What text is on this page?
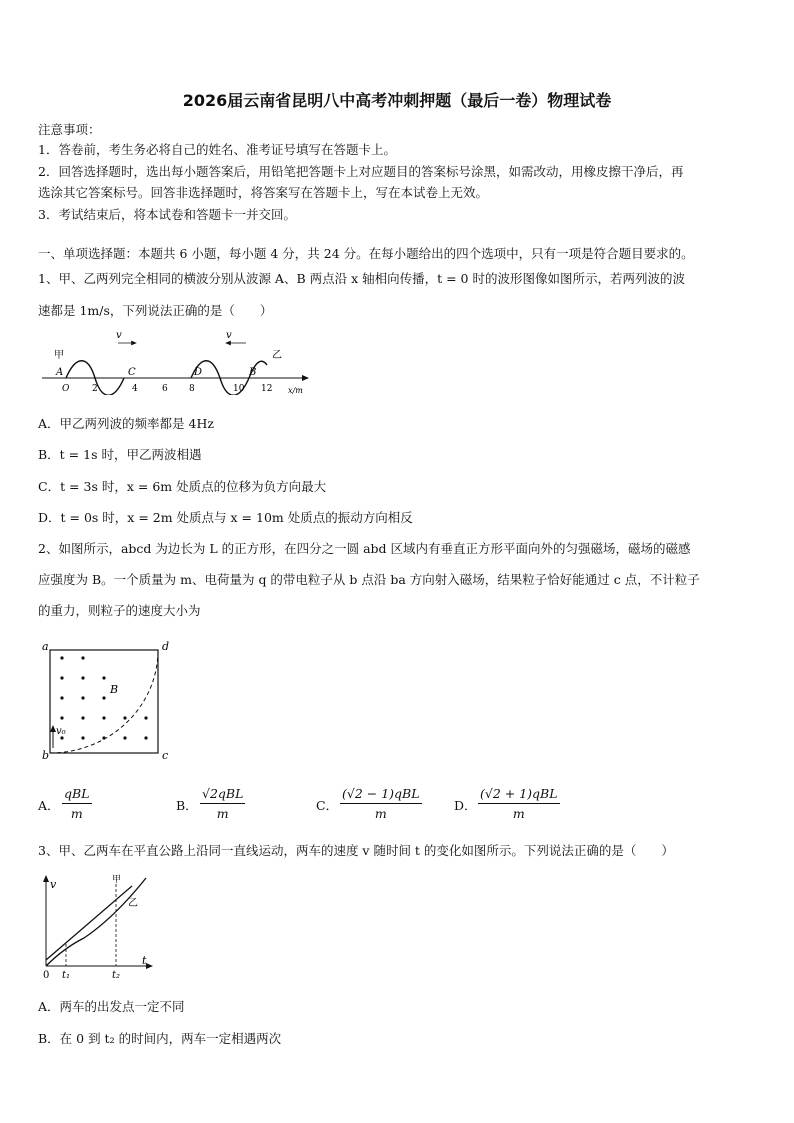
2026届云南省昆明八中高考冲刺押题（最后一卷）物理试卷
注意事项：
1．答卷前，考生务必将自己的姓名、准考证号填写在答题卡上。
2．回答选择题时，选出每小题答案后，用铅笔把答题卡上对应题目的答案标号涂黑，如需改动，用橡皮擦干净后，再
选涂其它答案标号。回答非选择题时，将答案写在答题卡上，写在本试卷上无效。
3．考试结束后，将本试卷和答题卡一并交回。
一、单项选择题：本题共 6 小题，每小题 4 分，共 24 分。在每小题给出的四个选项中，只有一项是符合题目要求的。
1、甲、乙两列完全相同的横波分别从波源 A、B 两点沿 x 轴相向传播，t = 0 时的波形图像如图所示，若两列波的波
速都是 1m/s，下列说法正确的是（　　）
v	v
甲	乙
A	C	D	B
O	2	4	6 8	10 12 x/m
A．甲乙两列波的频率都是 4Hz
B．t = 1s 时，甲乙两波相遇
C．t = 3s 时，x = 6m 处质点的位移为负方向最大
D．t = 0s 时，x = 2m 处质点与 x = 10m 处质点的振动方向相反
2、如图所示，abcd 为边长为 L 的正方形，在四分之一圆 abd 区域内有垂直正方形平面向外的匀强磁场，磁场的磁感
应强度为 B。一个质量为 m、电荷量为 q 的带电粒子从 b 点沿 ba 方向射入磁场，结果粒子恰好能通过 c 点，不计粒子
的重力，则粒子的速度大小为
a	d
b	c
B
v₀
A．
qBL
m
B．
√2qBL
m
C．
(√2 − 1)qBL
m
D．
(√2 + 1)qBL
m
3、甲、乙两车在平直公路上沿同一直线运动，两车的速度 v 随时间 t 的变化如图所示。下列说法正确的是（　　）
v
t
0 t₁	t₂
甲
乙
A．两车的出发点一定不同
B．在 0 到 t₂ 的时间内，两车一定相遇两次
